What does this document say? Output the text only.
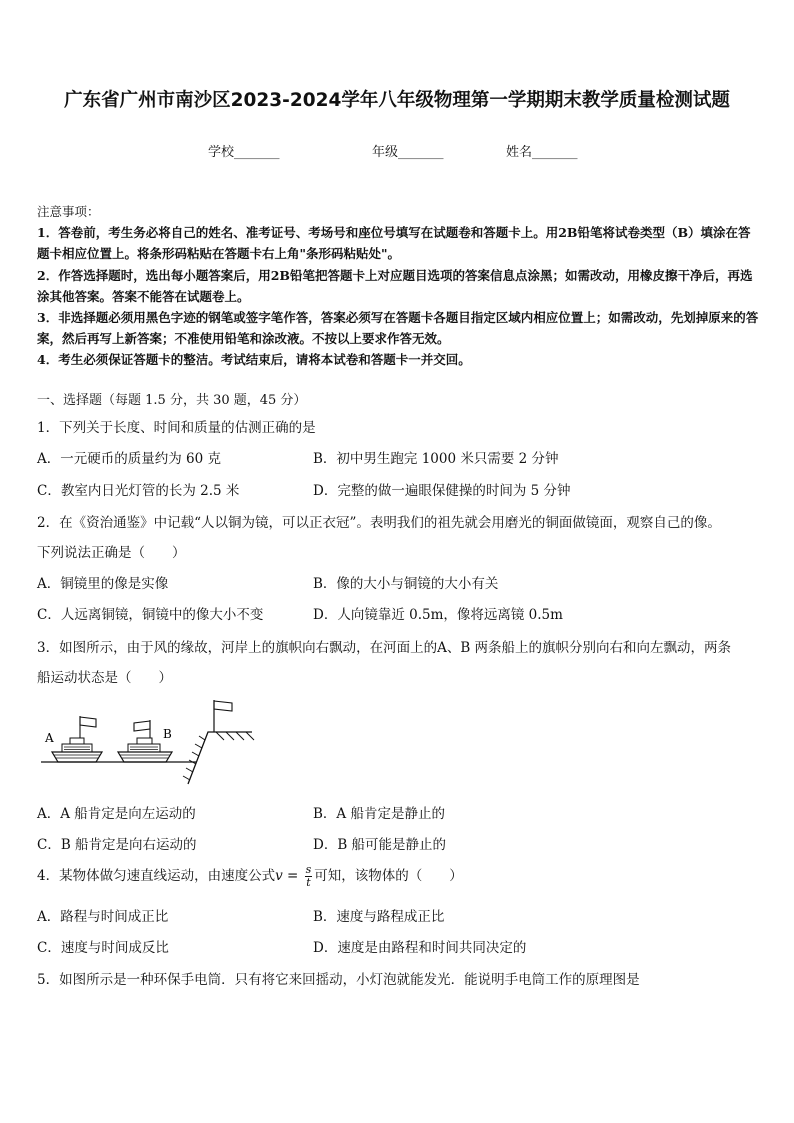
广东省广州市南沙区2023-2024学年八年级物理第一学期期末教学质量检测试题
学校_______	年级_______	姓名_______

注意事项：

1．答卷前，考生务必将自己的姓名、准考证号、考场号和座位号填写在试题卷和答题卡上。用2B铅笔将试卷类型（B）填涂在答题卡相应位置上。将条形码粘贴在答题卡右上角"条形码粘贴处"。

2．作答选择题时，选出每小题答案后，用2B铅笔把答题卡上对应题目选项的答案信息点涂黑；如需改动，用橡皮擦干净后，再选涂其他答案。答案不能答在试题卷上。

3．非选择题必须用黑色字迹的钢笔或签字笔作答，答案必须写在答题卡各题目指定区域内相应位置上；如需改动，先划掉原来的答案，然后再写上新答案；不准使用铅笔和涂改液。不按以上要求作答无效。

4．考生必须保证答题卡的整洁。考试结束后，请将本试卷和答题卡一并交回。

一、选择题（每题 1.5 分，共 30 题，45 分）
1．下列关于长度、时间和质量的估测正确的是
A．一元硬币的质量约为 60 克	B．初中男生跑完 1000 米只需要 2 分钟
C．教室内日光灯管的长为 2.5 米	D．完整的做一遍眼保健操的时间为 5 分钟
2．在《资治通鉴》中记载“人以铜为镜，可以正衣冠”。表明我们的祖先就会用磨光的铜面做镜面，观察自己的像。
下列说法正确是（　　）
A．铜镜里的像是实像	B．像的大小与铜镜的大小有关
C．人远离铜镜，铜镜中的像大小不变	D．人向镜靠近 0.5m，像将远离镜 0.5m
3．如图所示，由于风的缘故，河岸上的旗帜向右飘动，在河面上的A、B 两条船上的旗帜分别向右和向左飘动，两条
船运动状态是（　　）
A	B
A．A 船肯定是向左运动的	B．A 船肯定是静止的
C．B 船肯定是向右运动的	D．B 船可能是静止的
4．某物体做匀速直线运动，由速度公式$v = \frac{s}{t}$ 可知，该物体的（　　）
A．路程与时间成正比	B．速度与路程成正比
C．速度与时间成反比	D．速度是由路程和时间共同决定的
5．如图所示是一种环保手电筒．只有将它来回摇动，小灯泡就能发光．能说明手电筒工作的原理图是
